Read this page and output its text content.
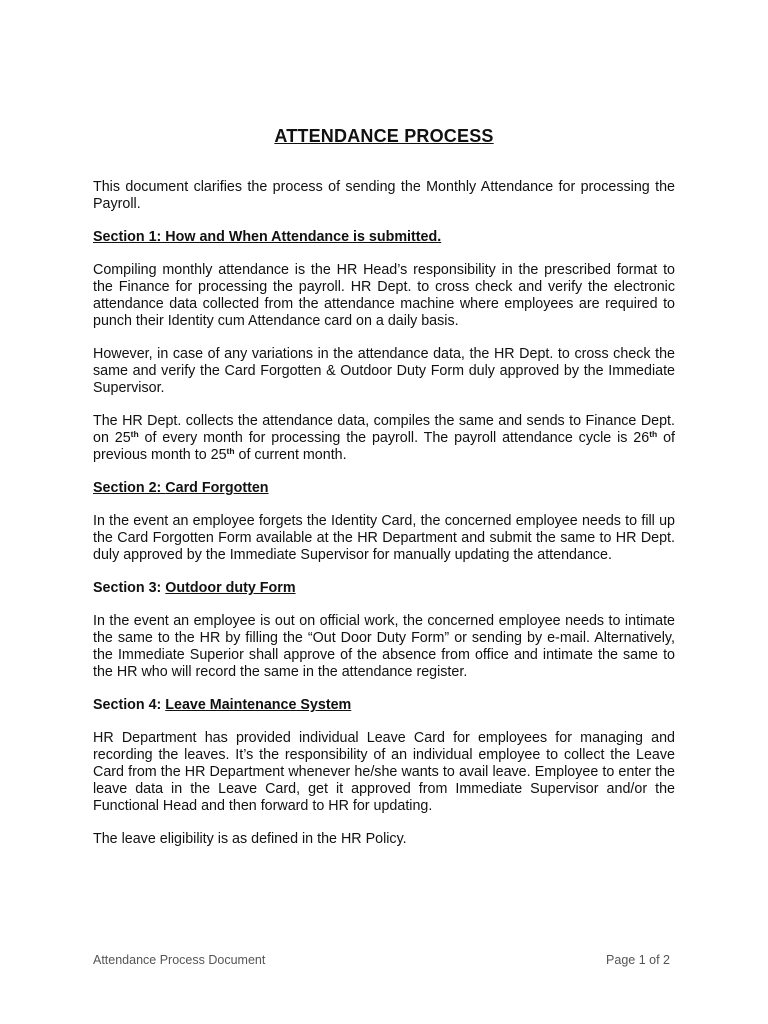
ATTENDANCE PROCESS

This document clarifies the process of sending the Monthly Attendance for processing the Payroll.

Section 1: How and When Attendance is submitted.

Compiling monthly attendance is the HR Head’s responsibility in the prescribed format to the Finance for processing the payroll. HR Dept. to cross check and verify the electronic attendance data collected from the attendance machine where employees are required to punch their Identity cum Attendance card on a daily basis.

However, in case of any variations in the attendance data, the HR Dept. to cross check the same and verify the Card Forgotten & Outdoor Duty Form duly approved by the Immediate Supervisor.

The HR Dept. collects the attendance data, compiles the same and sends to Finance Dept. on 25th of every month for processing the payroll. The payroll attendance cycle is 26th of previous month to 25th of current month.

Section 2: Card Forgotten

In the event an employee forgets the Identity Card, the concerned employee needs to fill up the Card Forgotten Form available at the HR Department and submit the same to HR Dept. duly approved by the Immediate Supervisor for manually updating the attendance.

Section 3: Outdoor duty Form

In the event an employee is out on official work, the concerned employee needs to intimate the same to the HR by filling the “Out Door Duty Form” or sending by e-mail. Alternatively, the Immediate Superior shall approve of the absence from office and intimate the same to the HR who will record the same in the attendance register.

Section 4: Leave Maintenance System

HR Department has provided individual Leave Card for employees for managing and recording the leaves. It’s the responsibility of an individual employee to collect the Leave Card from the HR Department whenever he/she wants to avail leave. Employee to enter the leave data in the Leave Card, get it approved from Immediate Supervisor and/or the Functional Head and then forward to HR for updating.

The leave eligibility is as defined in the HR Policy.

Attendance Process Document	Page 1 of 2
